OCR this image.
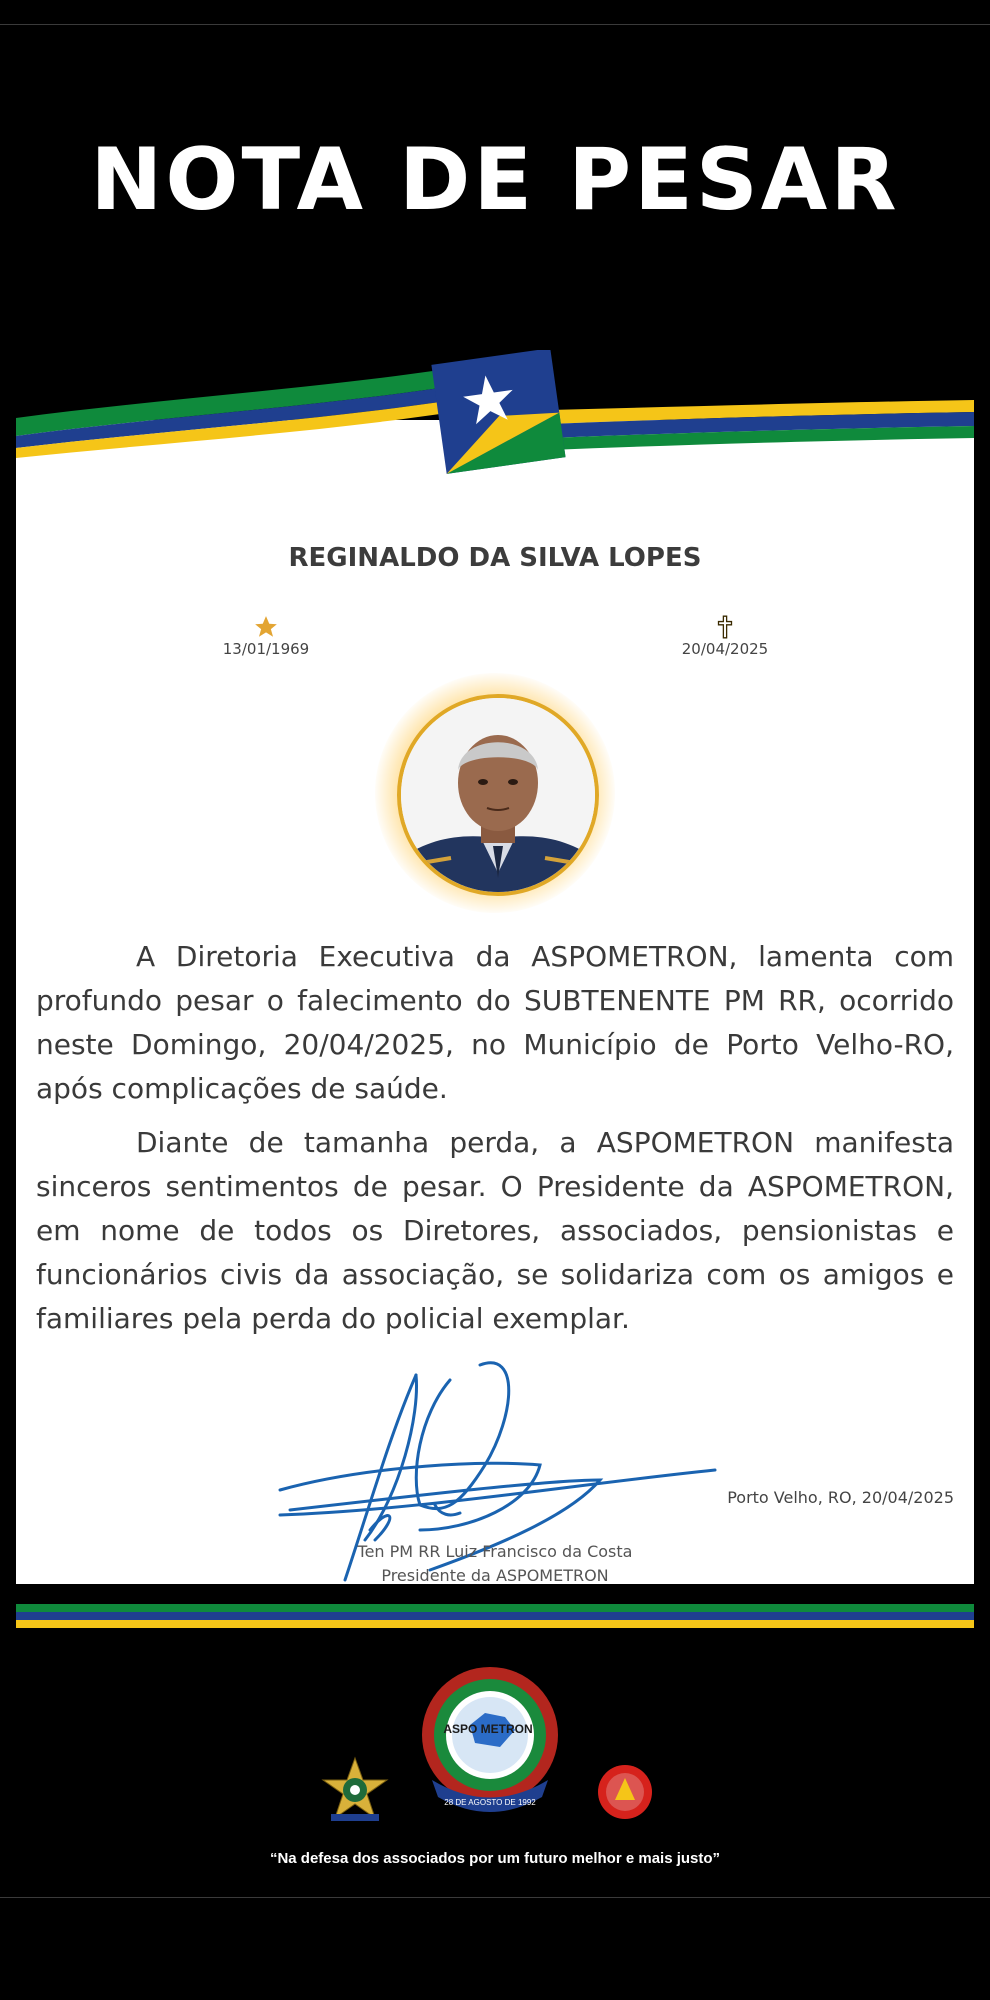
NOTA DE PESAR
REGINALDO DA SILVA LOPES
13/01/1969	20/04/2025

A Diretoria Executiva da ASPOMETRON, lamenta com profundo pesar o falecimento do SUBTENENTE PM RR, ocorrido neste Domingo, 20/04/2025, no Município de Porto Velho-RO, após complicações de saúde.

Diante de tamanha perda, a ASPOMETRON manifesta sinceros sentimentos de pesar. O Presidente da ASPOMETRON, em nome de todos os Diretores, associados, pensionistas e funcionários civis da associação, se solidariza com os amigos e familiares pela perda do policial exemplar.

Ten PM RR Luiz Francisco da Costa
Presidente da ASPOMETRON
Porto Velho, RO, 20/04/2025
ASPO METRON
28 DE AGOSTO DE 1992
“Na defesa dos associados por um futuro melhor e mais justo”
